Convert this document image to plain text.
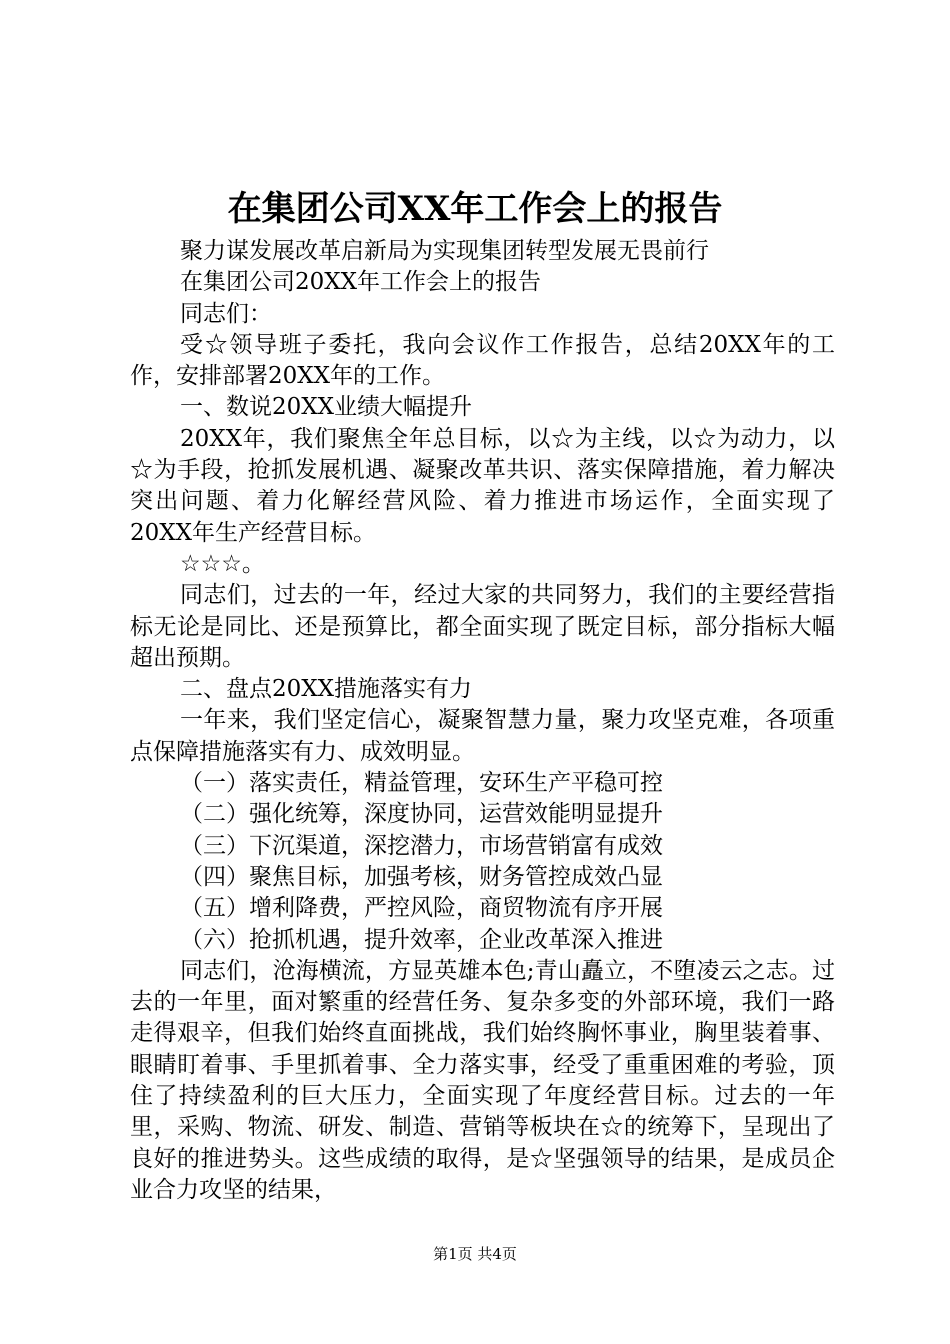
在集团公司XX年工作会上的报告

聚力谋发展改革启新局为实现集团转型发展无畏前行

在集团公司20XX年工作会上的报告

同志们：

受☆领导班子委托，我向会议作工作报告，总结20XX年的工作，安排部署20XX年的工作。

一、数说20XX业绩大幅提升

20XX年，我们聚焦全年总目标，以☆为主线，以☆为动力，以☆为手段，抢抓发展机遇、凝聚改革共识、落实保障措施，着力解决突出问题、着力化解经营风险、着力推进市场运作，全面实现了20XX年生产经营目标。

☆☆☆。

同志们，过去的一年，经过大家的共同努力，我们的主要经营指标无论是同比、还是预算比，都全面实现了既定目标，部分指标大幅超出预期。

二、盘点20XX措施落实有力

一年来，我们坚定信心，凝聚智慧力量，聚力攻坚克难，各项重点保障措施落实有力、成效明显。

（一）落实责任，精益管理，安环生产平稳可控

（二）强化统筹，深度协同，运营效能明显提升

（三）下沉渠道，深挖潜力，市场营销富有成效

（四）聚焦目标，加强考核，财务管控成效凸显

（五）增利降费，严控风险，商贸物流有序开展

（六）抢抓机遇，提升效率，企业改革深入推进

同志们，沧海横流，方显英雄本色;青山矗立，不堕凌云之志。过去的一年里，面对繁重的经营任务、复杂多变的外部环境，我们一路走得艰辛，但我们始终直面挑战，我们始终胸怀事业，胸里装着事、眼睛盯着事、手里抓着事、全力落实事，经受了重重困难的考验，顶住了持续盈利的巨大压力，全面实现了年度经营目标。过去的一年里，采购、物流、研发、制造、营销等板块在☆的统筹下，呈现出了良好的推进势头。这些成绩的取得，是☆坚强领导的结果，是成员企业合力攻坚的结果，

第1页 共4页
